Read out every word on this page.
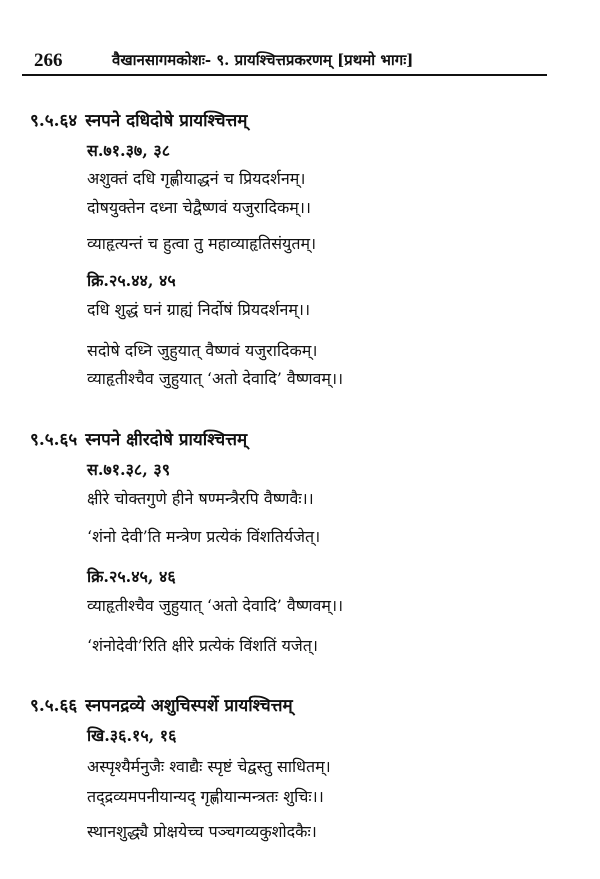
266	वैखानसागमकोशः- ९. प्रायश्चित्तप्रकरणम् [प्रथमो भागः]
९.५.६४ स्नपने दधिदोषे प्रायश्चित्तम्
स.७१.३७, ३८
अशुक्तं दधि गृह्णीयाद्धनं च प्रियदर्शनम्।
दोषयुक्तेन दध्ना चेद्वैष्णवं यजुरादिकम्।।
व्याहृत्यन्तं च हुत्वा तु महाव्याहृतिसंयुतम्।
क्रि.२५.४४, ४५
दधि शुद्धं घनं ग्राह्यं निर्दोषं प्रियदर्शनम्।।
सदोषे दध्नि जुहुयात् वैष्णवं यजुरादिकम्।
व्याहृतीश्चैव जुहुयात् ‘अतो देवादि’ वैष्णवम्।।
९.५.६५ स्नपने क्षीरदोषे प्रायश्चित्तम्
स.७१.३८, ३९
क्षीरे चोक्तगुणे हीने षण्मन्त्रैरपि वैष्णवैः।।
‘शंनो देवी’ति मन्त्रेण प्रत्येकं विंशतिर्यजेत्।
क्रि.२५.४५, ४६
व्याहृतीश्चैव जुहुयात् ‘अतो देवादि’ वैष्णवम्।।
‘शंनोदेवी’रिति क्षीरे प्रत्येकं विंशतिं यजेत्।
९.५.६६ स्नपनद्रव्ये अशुचिस्पर्शे प्रायश्चित्तम्
खि.३६.१५, १६
अस्पृश्यैर्मनुजैः श्वाद्यैः स्पृष्टं चेद्वस्तु साधितम्।
तद्द्रव्यमपनीयान्यद् गृह्णीयान्मन्त्रतः शुचिः।।
स्थानशुद्ध्यै प्रोक्षयेच्च पञ्चगव्यकुशोदकैः।
